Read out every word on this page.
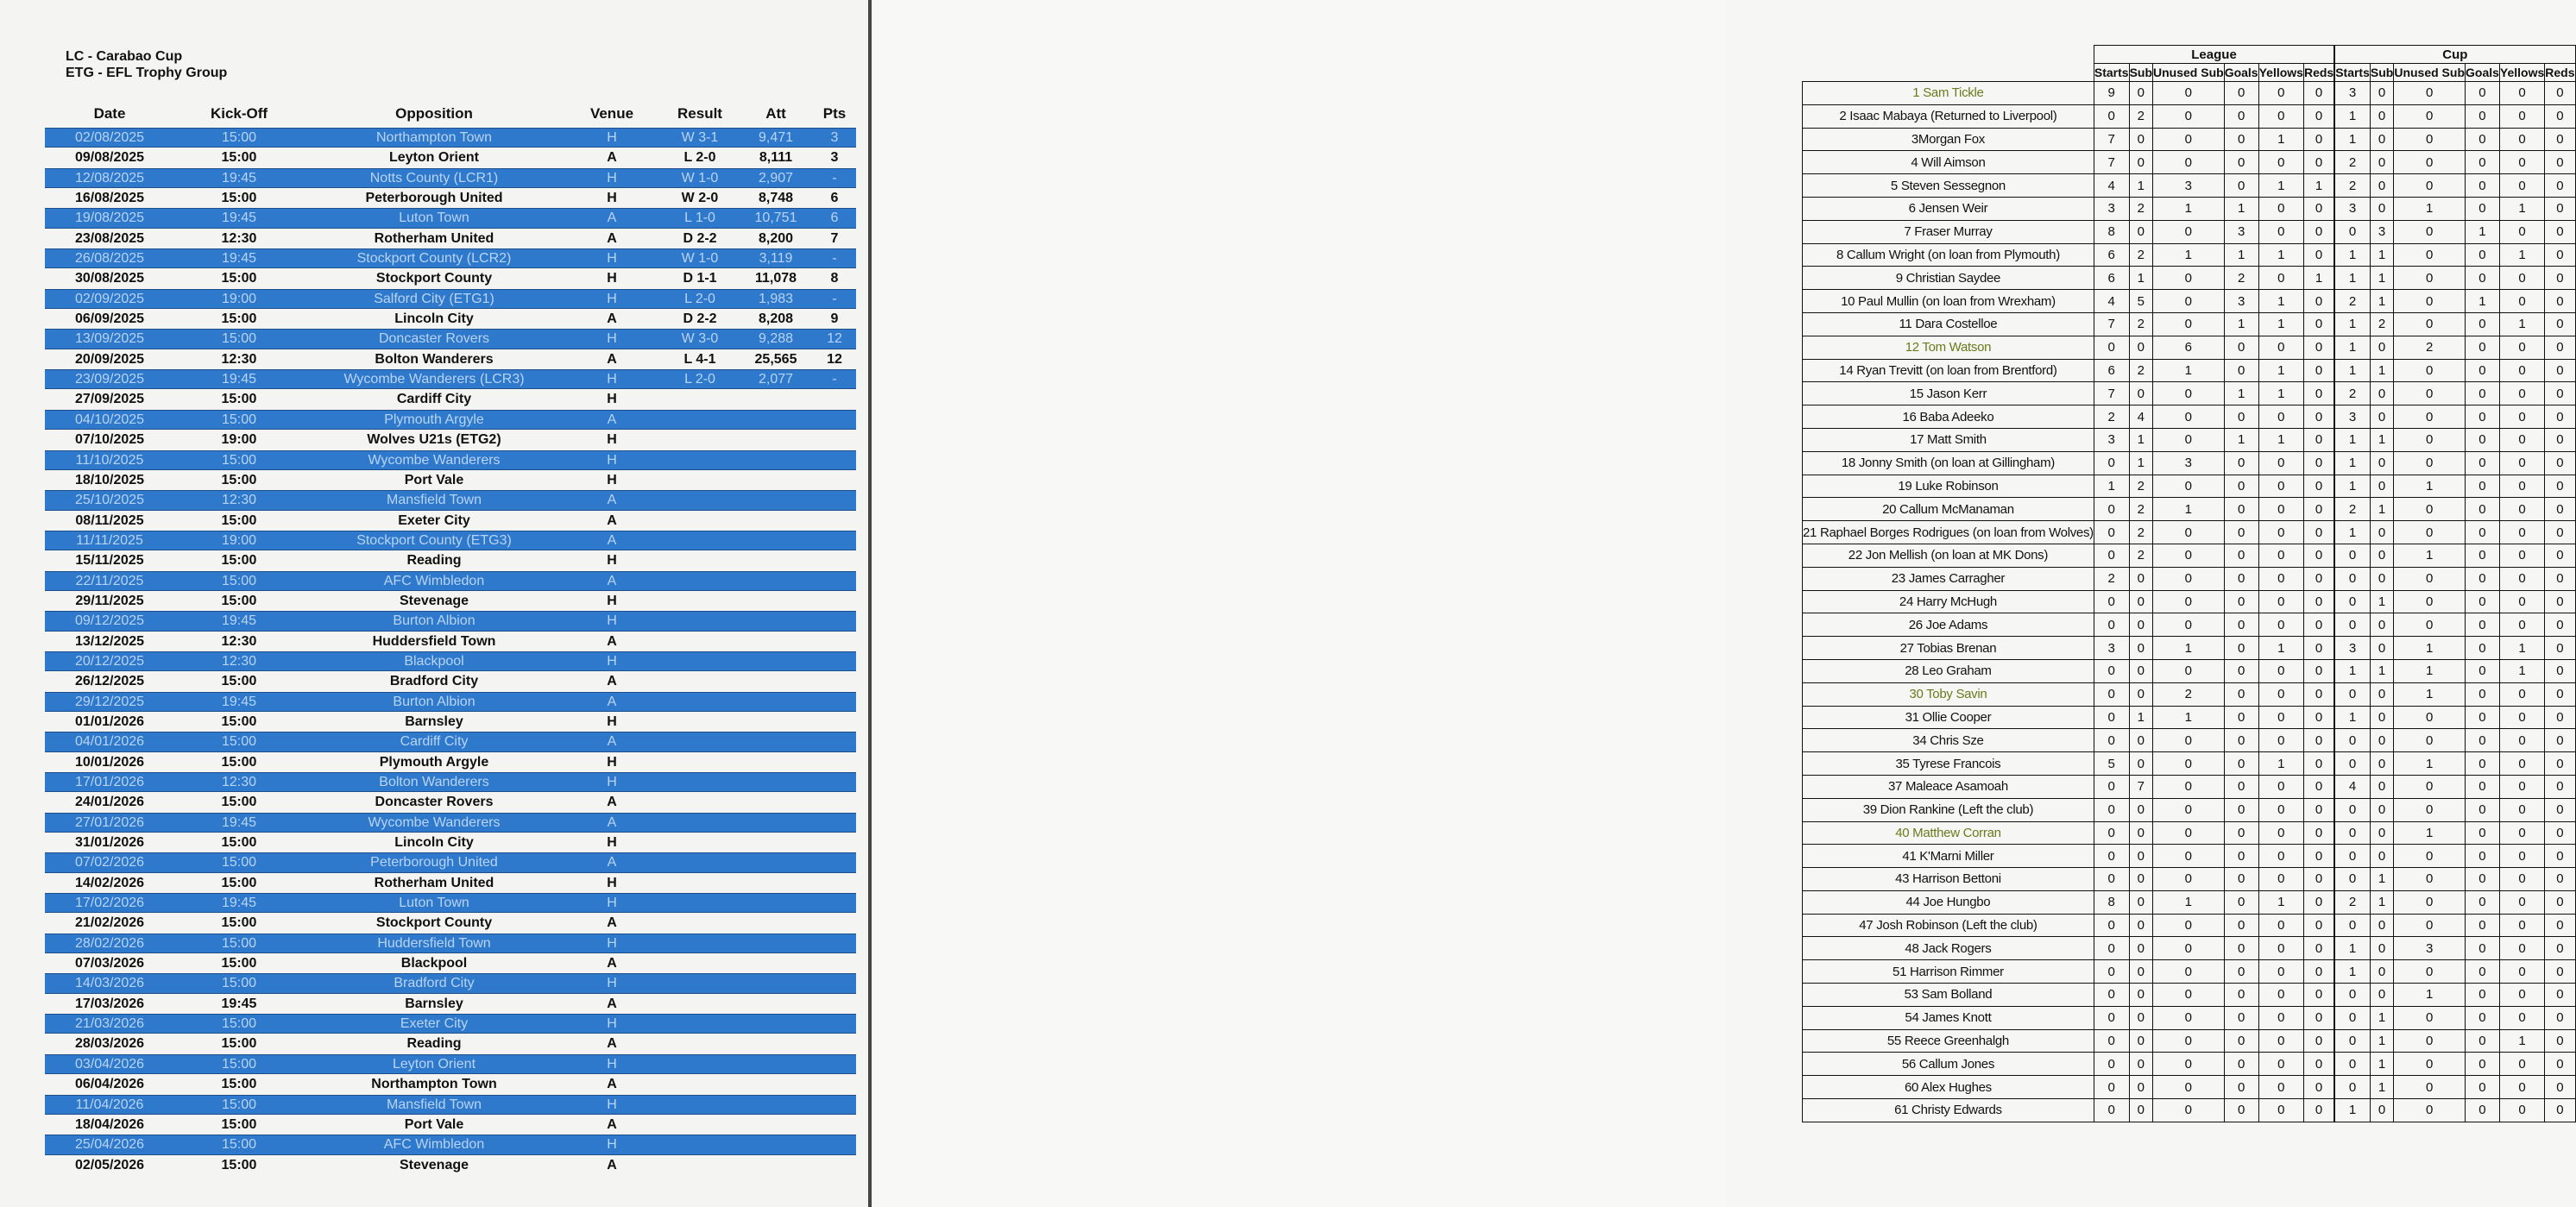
LC - Carabao Cup
ETG - EFL Trophy Group
Date	Kick-Off	Opposition	Venue	Result	Att	Pts
02/08/2025	15:00	Northampton Town	H	W 3-1	9,471	3
09/08/2025	15:00	Leyton Orient	A	L 2-0	8,111	3
12/08/2025	19:45	Notts County (LCR1)	H	W 1-0	2,907	-
16/08/2025	15:00	Peterborough United	H	W 2-0	8,748	6
19/08/2025	19:45	Luton Town	A	L 1-0	10,751	6
23/08/2025	12:30	Rotherham United	A	D 2-2	8,200	7
26/08/2025	19:45	Stockport County (LCR2)	H	W 1-0	3,119	-
30/08/2025	15:00	Stockport County	H	D 1-1	11,078	8
02/09/2025	19:00	Salford City (ETG1)	H	L 2-0	1,983	-
06/09/2025	15:00	Lincoln City	A	D 2-2	8,208	9
13/09/2025	15:00	Doncaster Rovers	H	W 3-0	9,288	12
20/09/2025	12:30	Bolton Wanderers	A	L 4-1	25,565	12
23/09/2025	19:45	Wycombe Wanderers (LCR3)	H	L 2-0	2,077	-
27/09/2025	15:00	Cardiff City	H
04/10/2025	15:00	Plymouth Argyle	A
07/10/2025	19:00	Wolves U21s (ETG2)	H
11/10/2025	15:00	Wycombe Wanderers	H
18/10/2025	15:00	Port Vale	H
25/10/2025	12:30	Mansfield Town	A
08/11/2025	15:00	Exeter City	A
11/11/2025	19:00	Stockport County (ETG3)	A
15/11/2025	15:00	Reading	H
22/11/2025	15:00	AFC Wimbledon	A
29/11/2025	15:00	Stevenage	H
09/12/2025	19:45	Burton Albion	H
13/12/2025	12:30	Huddersfield Town	A
20/12/2025	12:30	Blackpool	H
26/12/2025	15:00	Bradford City	A
29/12/2025	19:45	Burton Albion	A
01/01/2026	15:00	Barnsley	H
04/01/2026	15:00	Cardiff City	A
10/01/2026	15:00	Plymouth Argyle	H
17/01/2026	12:30	Bolton Wanderers	H
24/01/2026	15:00	Doncaster Rovers	A
27/01/2026	19:45	Wycombe Wanderers	A
31/01/2026	15:00	Lincoln City	H
07/02/2026	15:00	Peterborough United	A
14/02/2026	15:00	Rotherham United	H
17/02/2026	19:45	Luton Town	H
21/02/2026	15:00	Stockport County	A
28/02/2026	15:00	Huddersfield Town	H
07/03/2026	15:00	Blackpool	A
14/03/2026	15:00	Bradford City	H
17/03/2026	19:45	Barnsley	A
21/03/2026	15:00	Exeter City	H
28/03/2026	15:00	Reading	A
03/04/2026	15:00	Leyton Orient	H
06/04/2026	15:00	Northampton Town	A
11/04/2026	15:00	Mansfield Town	H
18/04/2026	15:00	Port Vale	A
25/04/2026	15:00	AFC Wimbledon	H
02/05/2026	15:00	Stevenage	A
	League						Cup					
	Starts	Sub	Unused Sub	Goals	Yellows	Reds		Starts	Sub	Unused Sub	Goals	Yellows	Reds
1 Sam Tickle	9	0	0	0	0	0		3	0	0	0	0	0
2 Isaac Mabaya (Returned to Liverpool)	0	2	0	0	0	0		1	0	0	0	0	0
3Morgan Fox	7	0	0	0	1	0		1	0	0	0	0	0
4 Will Aimson	7	0	0	0	0	0		2	0	0	0	0	0
5 Steven Sessegnon	4	1	3	0	1	1		2	0	0	0	0	0
6 Jensen Weir	3	2	1	1	0	0		3	0	1	0	1	0
7 Fraser Murray	8	0	0	3	0	0		0	3	0	1	0	0
8 Callum Wright (on loan from Plymouth)	6	2	1	1	1	0		1	1	0	0	1	0
9 Christian Saydee	6	1	0	2	0	1		1	1	0	0	0	0
10 Paul Mullin (on loan from Wrexham)	4	5	0	3	1	0		2	1	0	1	0	0
11 Dara Costelloe	7	2	0	1	1	0		1	2	0	0	1	0
12 Tom Watson	0	0	6	0	0	0		1	0	2	0	0	0
14 Ryan Trevitt (on loan from Brentford)	6	2	1	0	1	0		1	1	0	0	0	0
15 Jason Kerr	7	0	0	1	1	0		2	0	0	0	0	0
16 Baba Adeeko	2	4	0	0	0	0		3	0	0	0	0	0
17 Matt Smith	3	1	0	1	1	0		1	1	0	0	0	0
18 Jonny Smith (on loan at Gillingham)	0	1	3	0	0	0		1	0	0	0	0	0
19 Luke Robinson	1	2	0	0	0	0		1	0	1	0	0	0
20 Callum McManaman	0	2	1	0	0	0		2	1	0	0	0	0
21 Raphael Borges Rodrigues (on loan from Wolves)	0	2	0	0	0	0		1	0	0	0	0	0
22 Jon Mellish (on loan at MK Dons)	0	2	0	0	0	0		0	0	1	0	0	0
23 James Carragher	2	0	0	0	0	0		0	0	0	0	0	0
24 Harry McHugh	0	0	0	0	0	0		0	1	0	0	0	0
26 Joe Adams	0	0	0	0	0	0		0	0	0	0	0	0
27 Tobias Brenan	3	0	1	0	1	0		3	0	1	0	1	0
28 Leo Graham	0	0	0	0	0	0		1	1	1	0	1	0
30 Toby Savin	0	0	2	0	0	0		0	0	1	0	0	0
31 Ollie Cooper	0	1	1	0	0	0		1	0	0	0	0	0
34 Chris Sze	0	0	0	0	0	0		0	0	0	0	0	0
35 Tyrese Francois	5	0	0	0	1	0		0	0	1	0	0	0
37 Maleace Asamoah	0	7	0	0	0	0		4	0	0	0	0	0
39 Dion Rankine (Left the club)	0	0	0	0	0	0		0	0	0	0	0	0
40 Matthew Corran	0	0	0	0	0	0		0	0	1	0	0	0
41 K'Marni Miller	0	0	0	0	0	0		0	0	0	0	0	0
43 Harrison Bettoni	0	0	0	0	0	0		0	1	0	0	0	0
44 Joe Hungbo	8	0	1	0	1	0		2	1	0	0	0	0
47 Josh Robinson (Left the club)	0	0	0	0	0	0		0	0	0	0	0	0
48 Jack Rogers	0	0	0	0	0	0		1	0	3	0	0	0
51 Harrison Rimmer	0	0	0	0	0	0		1	0	0	0	0	0
53 Sam Bolland	0	0	0	0	0	0		0	0	1	0	0	0
54 James Knott	0	0	0	0	0	0		0	1	0	0	0	0
55 Reece Greenhalgh	0	0	0	0	0	0		0	1	0	0	1	0
56 Callum Jones	0	0	0	0	0	0		0	1	0	0	0	0
60 Alex Hughes	0	0	0	0	0	0		0	1	0	0	0	0
61 Christy Edwards	0	0	0	0	0	0		1	0	0	0	0	0
